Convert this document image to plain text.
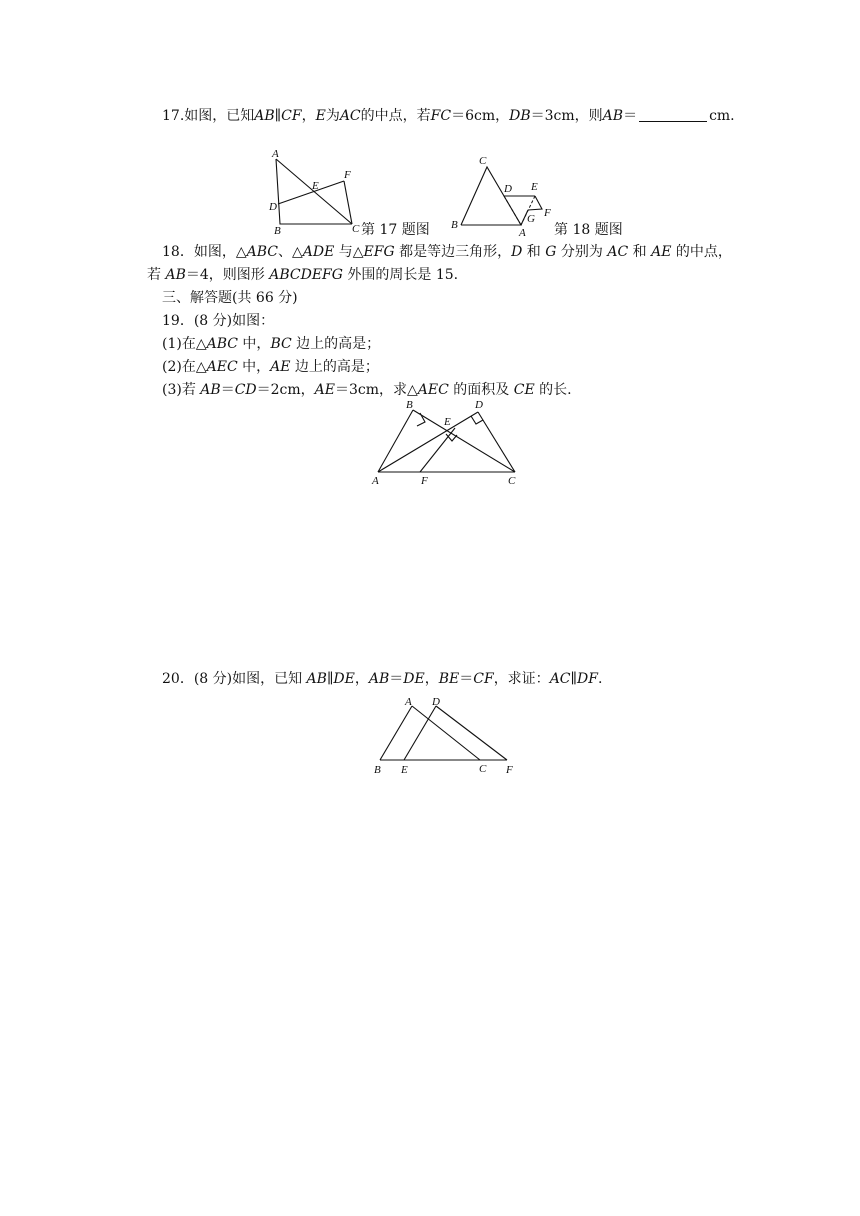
17.如图，已知AB∥CF，E为AC的中点，若FC＝6cm，DB＝3cm，则AB＝	cm.
A
B	C
D
E
F
第 17 题图
C
B
A
D E
F
G
第 18 题图
18．如图，△ABC、△ADE 与△EFG 都是等边三角形，D 和 G 分别为 AC 和 AE 的中点，
若 AB＝4，则图形 ABCDEFG 外围的周长是 15.
三、解答题(共 66 分)
19．(8 分)如图：
(1)在△ABC 中，BC 边上的高是；
(2)在△AEC 中，AE 边上的高是；
(3)若 AB＝CD＝2cm，AE＝3cm，求△AEC 的面积及 CE 的长.
B	D
E
A	F	C
20．(8 分)如图，已知 AB∥DE，AB＝DE，BE＝CF，求证：AC∥DF.
A D
B E	C F
